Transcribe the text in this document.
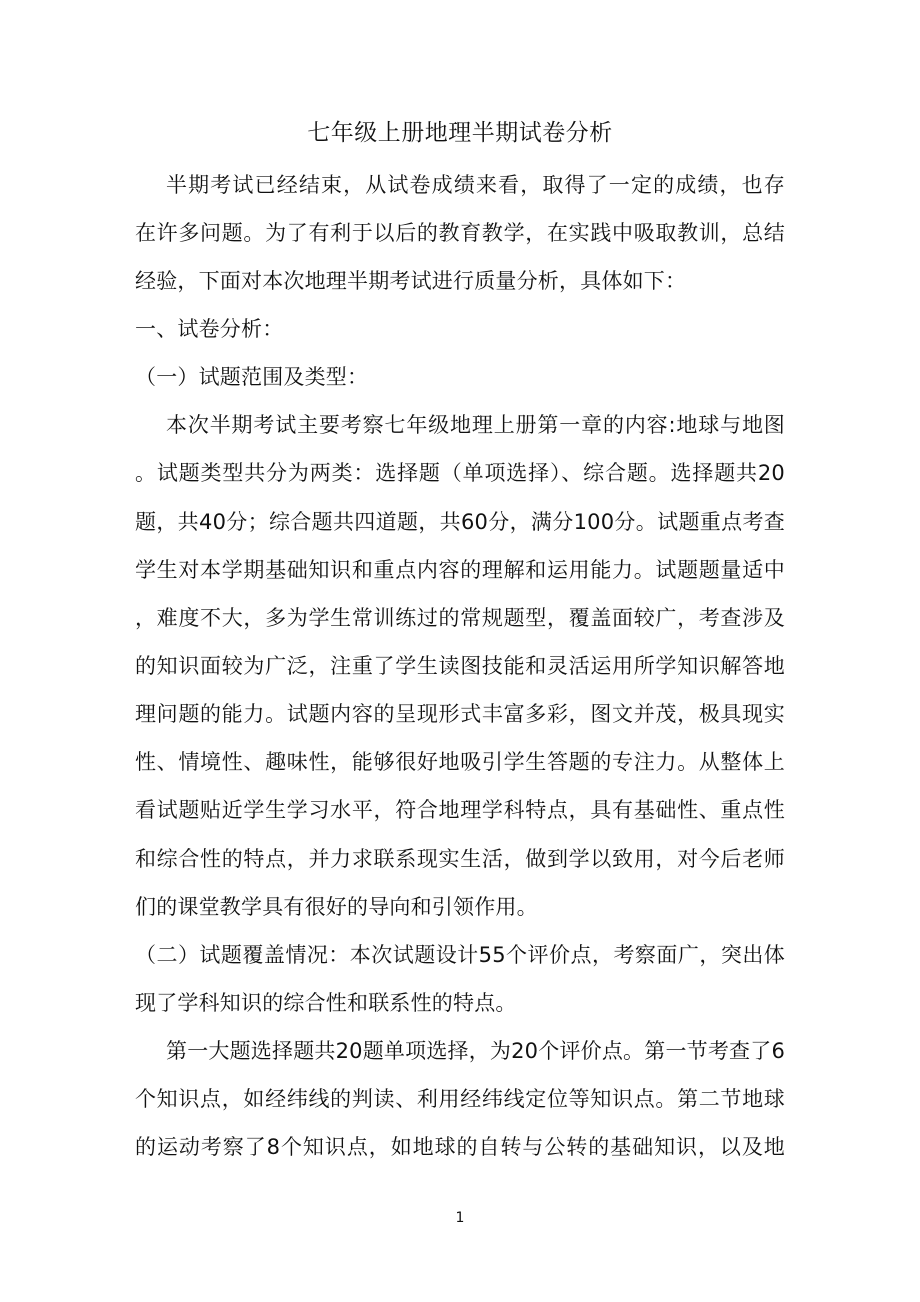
七年级上册地理半期试卷分析
半期考试已经结束，从试卷成绩来看，取得了一定的成绩，也存
在许多问题。为了有利于以后的教育教学，在实践中吸取教训，总结
经验，下面对本次地理半期考试进行质量分析，具体如下：
一、试卷分析：
（一）试题范围及类型：
本次半期考试主要考察七年级地理上册第一章的内容:地球与地图
。试题类型共分为两类：选择题（单项选择）、综合题。选择题共20
题，共40分；综合题共四道题，共60分，满分100分。试题重点考查
学生对本学期基础知识和重点内容的理解和运用能力。试题题量适中
，难度不大，多为学生常训练过的常规题型，覆盖面较广，考查涉及
的知识面较为广泛，注重了学生读图技能和灵活运用所学知识解答地
理问题的能力。试题内容的呈现形式丰富多彩，图文并茂，极具现实
性、情境性、趣味性，能够很好地吸引学生答题的专注力。从整体上
看试题贴近学生学习水平，符合地理学科特点，具有基础性、重点性
和综合性的特点，并力求联系现实生活，做到学以致用，对今后老师
们的课堂教学具有很好的导向和引领作用。
（二）试题覆盖情况：本次试题设计55个评价点，考察面广，突出体
现了学科知识的综合性和联系性的特点。
第一大题选择题共20题单项选择，为20个评价点。第一节考查了6
个知识点，如经纬线的判读、利用经纬线定位等知识点。第二节地球
的运动考察了8个知识点，如地球的自转与公转的基础知识，以及地
1
